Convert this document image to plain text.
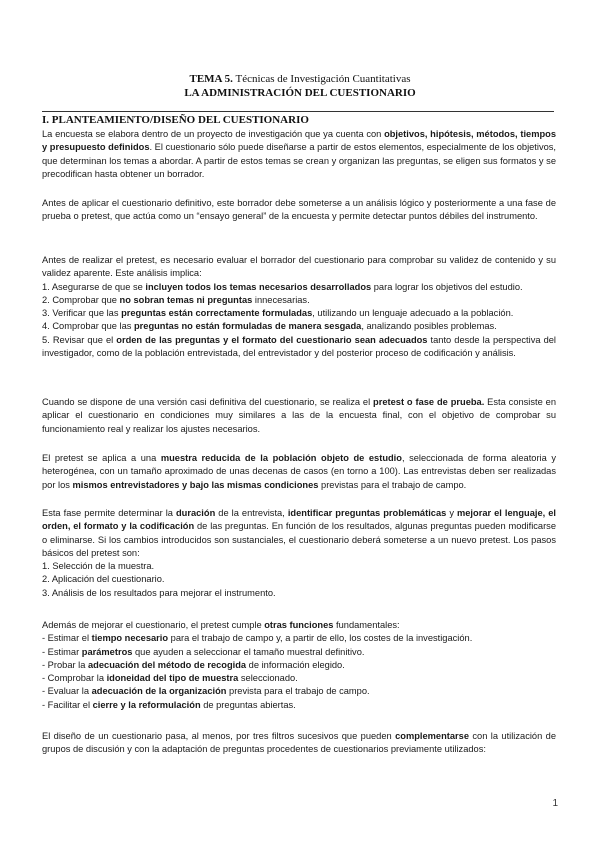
TEMA 5. Técnicas de Investigación Cuantitativas
LA ADMINISTRACIÓN DEL CUESTIONARIO
I. PLANTEAMIENTO/DISEÑO DEL CUESTIONARIO

La encuesta se elabora dentro de un proyecto de investigación que ya cuenta con objetivos, hipótesis, métodos, tiempos y presupuesto definidos. El cuestionario sólo puede diseñarse a partir de estos elementos, especialmente de los objetivos, que determinan los temas a abordar. A partir de estos temas se crean y organizan las preguntas, se eligen sus formatos y se precodifican hasta obtener un borrador.

Antes de aplicar el cuestionario definitivo, este borrador debe someterse a un análisis lógico y posteriormente a una fase de prueba o pretest, que actúa como un “ensayo general” de la encuesta y permite detectar puntos débiles del instrumento.

Antes de realizar el pretest, es necesario evaluar el borrador del cuestionario para comprobar su validez de contenido y su validez aparente. Este análisis implica:

1. Asegurarse de que se incluyen todos los temas necesarios desarrollados para lograr los objetivos del estudio.

2. Comprobar que no sobran temas ni preguntas innecesarias.

3. Verificar que las preguntas están correctamente formuladas, utilizando un lenguaje adecuado a la población.

4. Comprobar que las preguntas no están formuladas de manera sesgada, analizando posibles problemas.

5. Revisar que el orden de las preguntas y el formato del cuestionario sean adecuados tanto desde la perspectiva del investigador, como de la población entrevistada, del entrevistador y del posterior proceso de codificación y análisis.

Cuando se dispone de una versión casi definitiva del cuestionario, se realiza el pretest o fase de prueba. Esta consiste en aplicar el cuestionario en condiciones muy similares a las de la encuesta final, con el objetivo de comprobar su funcionamiento real y realizar los ajustes necesarios.

El pretest se aplica a una muestra reducida de la población objeto de estudio, seleccionada de forma aleatoria y heterogénea, con un tamaño aproximado de unas decenas de casos (en torno a 100). Las entrevistas deben ser realizadas por los mismos entrevistadores y bajo las mismas condiciones previstas para el trabajo de campo.

Esta fase permite determinar la duración de la entrevista, identificar preguntas problemáticas y mejorar el lenguaje, el orden, el formato y la codificación de las preguntas. En función de los resultados, algunas preguntas pueden modificarse o eliminarse. Si los cambios introducidos son sustanciales, el cuestionario deberá someterse a un nuevo pretest. Los pasos básicos del pretest son:

1. Selección de la muestra.

2. Aplicación del cuestionario.

3. Análisis de los resultados para mejorar el instrumento.

Además de mejorar el cuestionario, el pretest cumple otras funciones fundamentales:

- Estimar el tiempo necesario para el trabajo de campo y, a partir de ello, los costes de la investigación.

- Estimar parámetros que ayuden a seleccionar el tamaño muestral definitivo.

- Probar la adecuación del método de recogida de información elegido.

- Comprobar la idoneidad del tipo de muestra seleccionado.

- Evaluar la adecuación de la organización prevista para el trabajo de campo.

- Facilitar el cierre y la reformulación de preguntas abiertas.

El diseño de un cuestionario pasa, al menos, por tres filtros sucesivos que pueden complementarse con la utilización de grupos de discusión y con la adaptación de preguntas procedentes de cuestionarios previamente utilizados:

1
